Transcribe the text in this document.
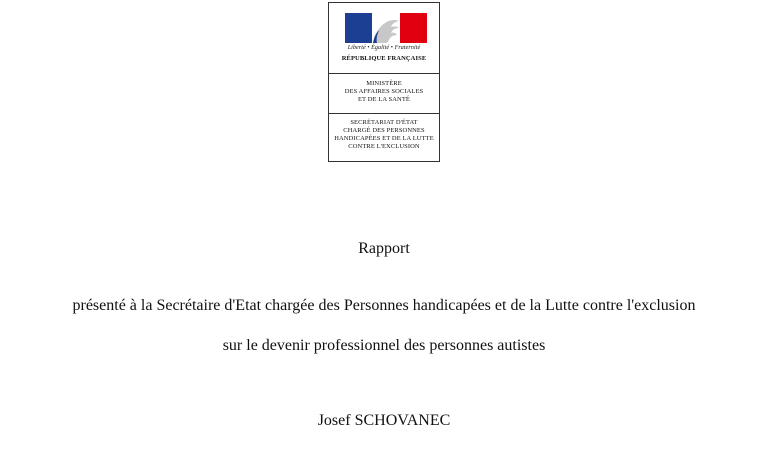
Liberté • Égalité • Fraternité
RÉPUBLIQUE FRANÇAISE
MINISTÈRE
DES AFFAIRES SOCIALES
ET DE LA SANTÉ
SECRÉTARIAT D'ÉTAT
CHARGÉ DES PERSONNES
HANDICAPÉES ET DE LA LUTTE
CONTRE L'EXCLUSION
Rapport
présenté à la Secrétaire d'Etat chargée des Personnes handicapées et de la Lutte contre l'exclusion
sur le devenir professionnel des personnes autistes
Josef SCHOVANEC
